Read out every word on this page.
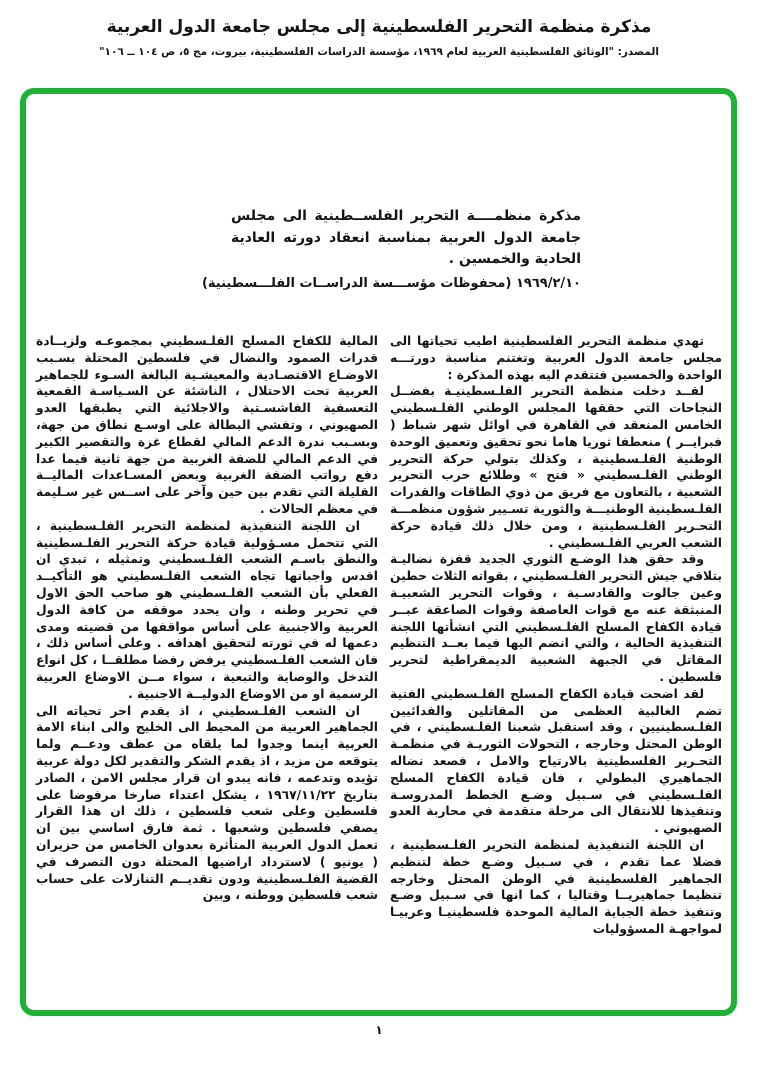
مذكرة منظمة التحرير الفلسطينية إلى مجلس جامعة الدول العربية
المصدر: "الوثائق الفلسطينية العربية لعام ١٩٦٩، مؤسسة الدراسات الفلسطينية، بيروت، مج ٥، ص ١٠٤ ــ ١٠٦"
مذكرة منظمــــة التحرير الفلســطينية الى مجلس جامعة الدول العربية بمناسبة انعقاد دورته العادية الحادية والخمسين .
١٩٦٩/٢/١٠ (محفوظات مؤســـسة الدراســات الفلـــسطينية)

تهدي منظمة التحرير الفلسطينية اطيب تحياتها الى مجلس جامعة الدول العربية وتغتنم مناسبة دورتـــه الواحدة والخمسين فتتقدم اليه بهذه المذكرة :

لقــد دخلت منظمة التحرير الفلـسطينيـة بفضــل النجاحات التي حققها المجلس الوطني الفلـسطيني الخامس المنعقد في القاهرة في اوائل شهر شباط ( فبرايــر ) منعطفا ثوريا هاما نحو تحقيق وتعميق الوحدة الوطنية الفلـسطينية ، وكذلك بتولي حركة التحرير الوطني الفلـسطيني « فتح » وطلائع حرب التحرير الشعبية ، بالتعاون مع فريق من ذوي الطاقات والقدرات الفلـسطينية الوطنيـــة والثورية تسـيير شؤون منظمـــة التحـرير الفلـسطينية ، ومن خلال ذلك قيادة حركة الشعب العربي الفلـسطيني .

وقد حقق هذا الوضـع الثوري الجديد قفزة نضاليـة بتلاقي جيش التحرير الفلـسطيني ، بقواته الثلاث حطين وعين جالوت والقادسـية ، وقوات التحرير الشعبيـة المنبثقة عنه مع قوات العاصفة وقوات الصاعقة عبــر قيادة الكفاح المسلح الفلـسطيني التي انشأتها اللجنة التنفيذية الحالية ، والتي انضم اليها فيما بعــد التنظيم المقاتل في الجبهة الشعبية الديمقراطية لتحرير فلسطين .

لقد اضحت قيادة الكفاح المسلح الفلـسطيني الفتية تضم الغالبية العظمى من المقاتلين والفدائيين الفلـسطينيين ، وقد استقبل شعبنا الفلـسطيني ، في الوطن المحتل وخارجه ، التحولات الثوريـة في منظمـة التحـرير الفلسطينية بالارتياح والامل ، فصعد نضاله الجماهيري البطولي ، فان قيادة الكفاح المسلح الفلـسطيني في سـبيل وضـع الخطط المدروسـة وتنفيذها للانتقال الى مرحلة متقدمة في محاربة العدو الصهيوني .

ان اللجنة التنفيذية لمنظمة التحرير الفلـسطينية ، فضلا عما تقدم ، في سـبيل وضـع خطة لتنظيم الجماهير الفلسطينية في الوطن المحتل وخارجه تنظيما جماهيريــا وقتاليا ، كما انها في سـبيل وضـع وتنفيذ خطة الجباية المالية الموحدة فلسطينيـا وعربيـا لمواجهـة المسؤوليات

المالية للكفاح المسلح الفلـسطيني بمجموعـه ولزيــادة قدرات الصمود والنضال في فلسطين المحتلة بسـبب الاوضـاع الاقتصـادية والمعيشـية البالغة السـوء للجماهير العربية تحت الاحتلال ، الناشئة عن السـياسـة القمعية التعسفية الفاشسـتية والاجلائية التي يطبقها العدو الصهيوني ، وتفشي البطالة على اوسـع نطاق من جهة، وبسـبب ندرة الدعم المالي لقطاع غزة والتقصير الكبير في الدعم المالي للضفة الغربية من جهة ثانية فيما عدا دفع رواتب الضفة الغربية وبعض المسـاعدات الماليــة القليلة التي تقدم بين حين وآخر على اســس غير سـليمة في معظم الحالات .

ان اللجنة التنفيذية لمنظمة التحرير الفلـسطينية ، التي تتحمل مسـؤولية قيادة حركة التحرير الفلـسطينية والنطق باسـم الشعب الفلـسطيني وتمثيله ، تبدي ان اقدس واجباتها تجاه الشعب الفلـسطيني هو التأكيــد الفعلي بأن الشعب الفلـسطيني هو صاحب الحق الاول في تحرير وطنه ، وان يحدد موقفه من كافة الدول العربية والاجنبية على أساس مواقفها من قضيته ومدى دعمها له في ثورته لتحقيق اهدافه . وعلى أساس ذلك ، فان الشعب الفلـسطيني يرفض رفضا مطلقــا ، كل انواع التدخل والوصاية والتبعية ، سواء مــن الاوضاع العربية الرسمية او من الاوضاع الدوليــة الاجنبية .

ان الشعب الفلـسطيني ، اذ يقدم احر تحياته الى الجماهير العربية من المحيط الى الخليج والى ابناء الامة العربية اينما وجدوا لما يلقاه من عطف ودعــم ولما يتوقعه من مزيد ، اذ يقدم الشكر والتقدير لكل دولة عربية تؤيده وتدعمه ، فانه يبدو ان قرار مجلس الامن ، الصادر بتاريخ ١٩٦٧/١١/٢٢ ، يشكل اعتداء صارخا مرفوضا على فلسطين وعلى شعب فلسطين ، ذلك ان هذا القرار يصفي فلسطين وشعبها . ثمة فارق اساسي بين ان تعمل الدول العربية المتأثرة بعدوان الخامس من حزيران ( يونيو ) لاسترداد اراضيها المحتلة دون التصرف في القضية الفلـسطينية ودون تقديــم التنازلات على حساب شعب فلسطين ووطنه ، وبين

١
